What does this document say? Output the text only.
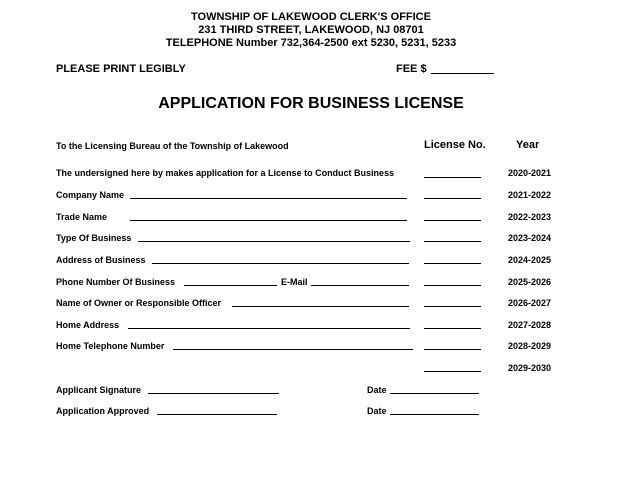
TOWNSHIP OF LAKEWOOD CLERK'S OFFICE
231 THIRD STREET, LAKEWOOD, NJ 08701
TELEPHONE Number 732,364-2500 ext 5230, 5231, 5233
PLEASE PRINT LEGIBLY	FEE $
APPLICATION FOR BUSINESS LICENSE
To the Licensing Bureau of the Township of Lakewood	License No.	Year
The undersigned here by makes application for a License to Conduct Business	2020-2021
Company Name	2021-2022
Trade Name	2022-2023
Type Of Business	2023-2024
Address of Business	2024-2025
Phone Number Of Business	E-Mail	2025-2026
Name of Owner or Responsible Officer	2026-2027
Home Address	2027-2028
Home Telephone Number	2028-2029
2029-2030
Applicant Signature	Date
Application Approved	Date
